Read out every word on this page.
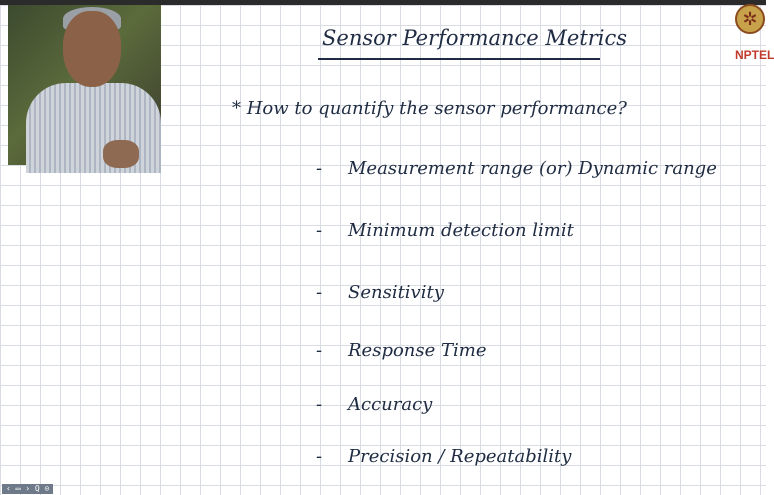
✲
NPTEL
Sensor Performance Metrics
* How to quantify the sensor performance?
- Measurement range (or) Dynamic range
- Minimum detection limit
- Sensitivity
- Response Time
- Accuracy
- Precision / Repeatability
‹ ▭ › Q ⊙
